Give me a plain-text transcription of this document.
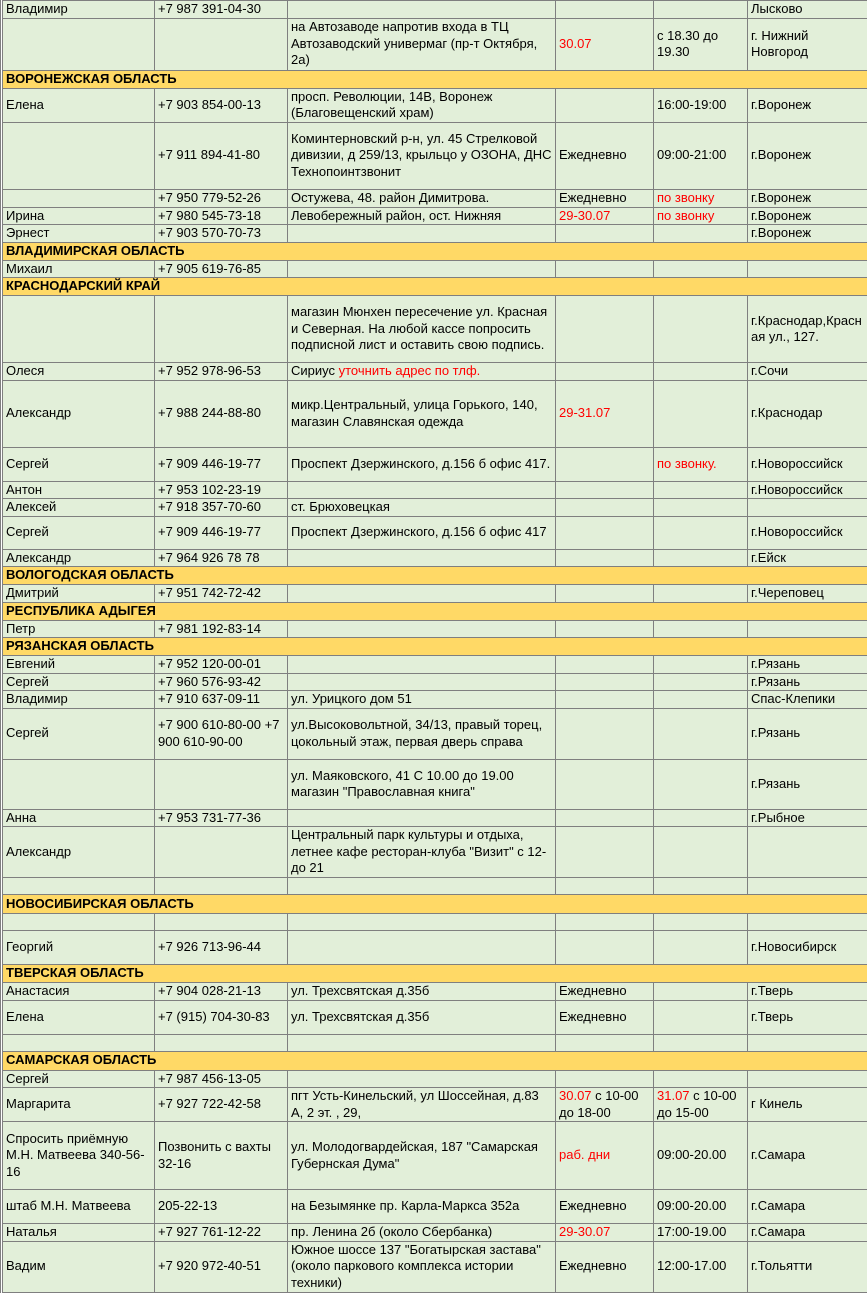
Владимир	+7 987 391-04-30				Лысково
		на Автозаводе напротив входа в ТЦ Автозаводский универмаг (пр-т Октября, 2а)	30.07	с 18.30 до 19.30	г. Нижний Новгород
ВОРОНЕЖСКАЯ ОБЛАСТЬ					
Елена	+7 903 854-00-13	просп. Революции, 14В, Воронеж (Благовещенский храм)		16:00-19:00	г.Воронеж
	+7 911 894-41-80	Коминтерновский р-н, ул. 45 Стрелковой дивизии, д 259/13, крыльцо у ОЗОНА, ДНС Технопоинтзвонит	Ежедневно	09:00-21:00	г.Воронеж
	+7 950 779-52-26	Остужева, 48. район Димитрова.	Ежедневно	по звонку	г.Воронеж
Ирина	+7 980 545-73-18	Левобережный район, ост. Нижняя	29-30.07	по звонку	г.Воронеж
Эрнест	+7 903 570-70-73				г.Воронеж
ВЛАДИМИРСКАЯ ОБЛАСТЬ					
Михаил	+7 905 619-76-85				
КРАСНОДАРСКИЙ КРАЙ					
		магазин Мюнхен пересечение ул. Красная и Северная. На любой кассе попросить подписной лист и оставить свою подпись.			г.Краснодар,Красная ул., 127.
Олеся	+7 952 978-96-53	Сириус уточнить адрес по тлф.			г.Сочи
Александр	+7 988 244-88-80	микр.Центральный, улица Горького, 140, магазин Славянская одежда	29-31.07		г.Краснодар
Сергей	+7 909 446-19-77	Проспект Дзержинского, д.156 б офис 417.		по звонку.	г.Новороссийск
Антон	+7 953 102-23-19				г.Новороссийск
Алексей	+7 918 357-70-60	ст. Брюховецкая			
Сергей	+7 909 446-19-77	Проспект Дзержинского, д.156 б офис 417			г.Новороссийск
Александр	+7 964 926 78 78				г.Ейск
ВОЛОГОДСКАЯ ОБЛАСТЬ					
Дмитрий	+7 951 742-72-42				г.Череповец
РЕСПУБЛИКА АДЫГЕЯ					
Петр	+7 981 192-83-14				
РЯЗАНСКАЯ ОБЛАСТЬ					
Евгений	+7 952 120-00-01				г.Рязань
Сергей	+7 960 576-93-42				г.Рязань
Владимир	+7 910 637-09-11	ул. Урицкого дом 51			Спас-Клепики
Сергей	+7 900 610-80-00 +7 900 610-90-00	ул.Высоковольтной, 34/13, правый торец, цокольный этаж, первая дверь справа			г.Рязань
		ул. Маяковского, 41 С 10.00 до 19.00 магазин "Православная книга"			г.Рязань
Анна	+7 953 731-77-36				г.Рыбное
Александр		Центральный парк культуры и отдыха, летнее кафе ресторан-клуба "Визит" с 12- до 21			

НОВОСИБИРСКАЯ ОБЛАСТЬ					

Георгий	+7 926 713-96-44				г.Новосибирск
ТВЕРСКАЯ ОБЛАСТЬ					
Анастасия	+7 904 028-21-13	ул. Трехсвятская д.35б	Ежедневно		г.Тверь
Елена	+7 (915) 704-30-83	ул. Трехсвятская д.35б	Ежедневно		г.Тверь

САМАРСКАЯ ОБЛАСТЬ					
Сергей	+7 987 456-13-05				
Маргарита	+7 927 722-42-58	пгт Усть-Кинельский, ул Шоссейная, д.83 А, 2 эт. , 29,	30.07 с 10-00 до 18-00	31.07 с 10-00 до 15-00	г Кинель
Спросить приёмную М.Н. Матвеева 340-56-16	Позвонить с вахты 32-16	ул. Молодогвардейская, 187 "Самарская Губернская Дума"	раб. дни	09:00-20.00	г.Самара
штаб М.Н. Матвеева	205-22-13	на Безымянке пр. Карла-Маркса 352а	Ежедневно	09:00-20.00	г.Самара
Наталья	+7 927 761-12-22	пр. Ленина 2б (около Сбербанка)	29-30.07	17:00-19.00	г.Самара
Вадим	+7 920 972-40-51	Южное шоссе 137 "Богатырская застава" (около паркового комплекса истории техники)	Ежедневно	12:00-17.00	г.Тольятти
